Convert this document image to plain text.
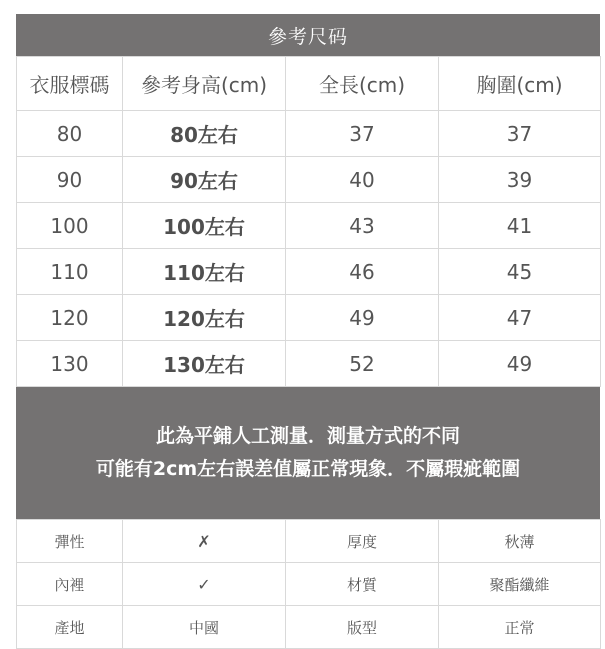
參考尺码
衣服標碼	參考身高(cm)	全長(cm)	胸圍(cm)
80	80左右	37	37
90	90左右	40	39
100	100左右	43	41
110	110左右	46	45
120	120左右	49	47
130	130左右	52	49
此為平鋪人工測量．測量方式的不同
可能有2cm左右誤差值屬正常現象．不屬瑕疵範圍
彈性	✗	厚度	秋薄
內裡	✓	材質	聚酯纖維
產地	中國	版型	正常
